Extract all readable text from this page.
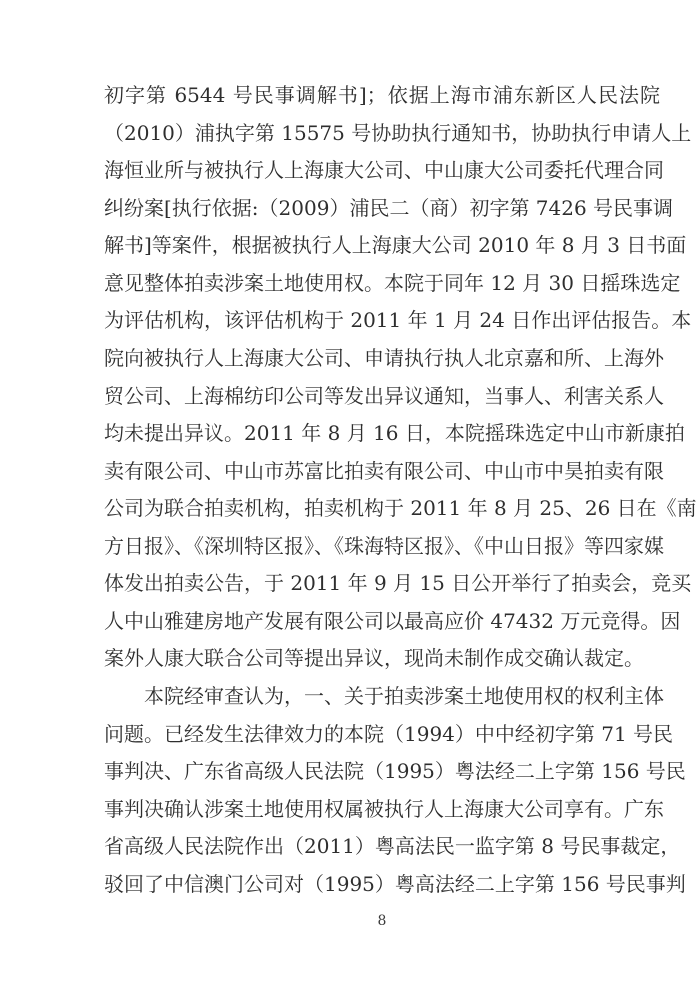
初字第 6544 号民事调解书]；依据上海市浦东新区人民法院
（2010）浦执字第 15575 号协助执行通知书，协助执行申请人上
海恒业所与被执行人上海康大公司、中山康大公司委托代理合同
纠纷案[执行依据:（2009）浦民二（商）初字第 7426 号民事调
解书]等案件，根据被执行人上海康大公司 2010 年 8 月 3 日书面
意见整体拍卖涉案土地使用权。本院于同年 12 月 30 日摇珠选定
为评估机构，该评估机构于 2011 年 1 月 24 日作出评估报告。本
院向被执行人上海康大公司、申请执行执人北京嘉和所、上海外
贸公司、上海棉纺印公司等发出异议通知，当事人、利害关系人
均未提出异议。2011 年 8 月 16 日，本院摇珠选定中山市新康拍
卖有限公司、中山市苏富比拍卖有限公司、中山市中昊拍卖有限
公司为联合拍卖机构，拍卖机构于 2011 年 8 月 25、26 日在《南
方日报》、《深圳特区报》、《珠海特区报》、《中山日报》等四家媒
体发出拍卖公告，于 2011 年 9 月 15 日公开举行了拍卖会，竞买
人中山雅建房地产发展有限公司以最高应价 47432 万元竞得。因
案外人康大联合公司等提出异议，现尚未制作成交确认裁定。
本院经审查认为，一、关于拍卖涉案土地使用权的权利主体
问题。已经发生法律效力的本院（1994）中中经初字第 71 号民
事判决、广东省高级人民法院（1995）粤法经二上字第 156 号民
事判决确认涉案土地使用权属被执行人上海康大公司享有。广东
省高级人民法院作出（2011）粤高法民一监字第 8 号民事裁定，
驳回了中信澳门公司对（1995）粤高法经二上字第 156 号民事判
8
